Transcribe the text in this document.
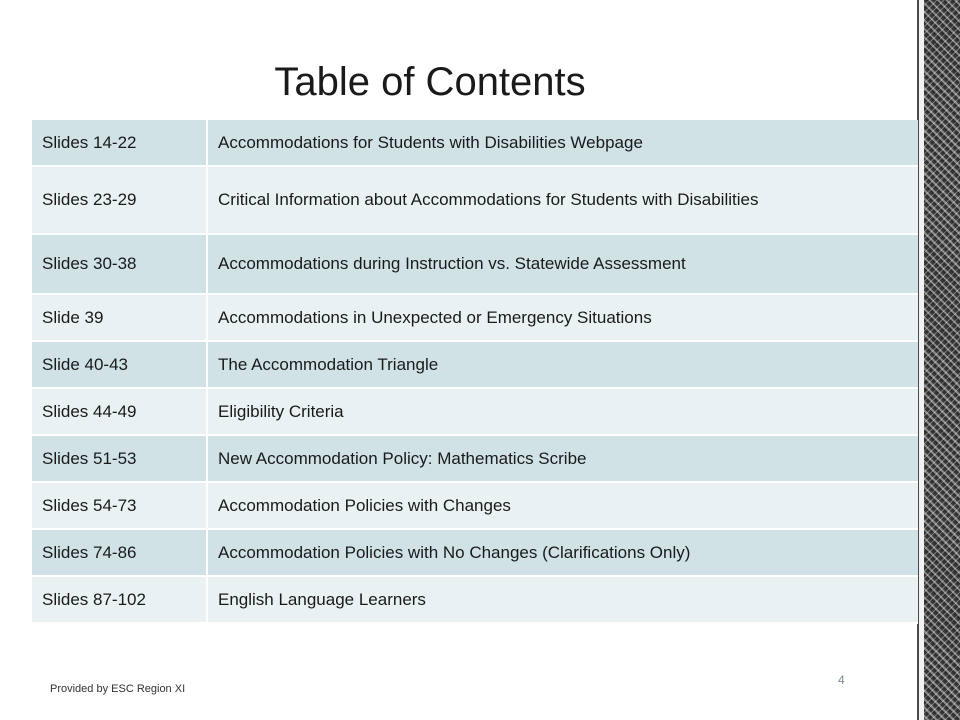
Table of Contents
Slides 14-22	Accommodations for Students with Disabilities Webpage
Slides 23-29	Critical Information about Accommodations for Students with Disabilities
Slides 30-38	Accommodations during Instruction vs. Statewide Assessment
Slide 39	Accommodations in Unexpected or Emergency Situations
Slide 40-43	The Accommodation Triangle
Slides 44-49	Eligibility Criteria
Slides 51-53	New Accommodation Policy: Mathematics Scribe
Slides 54-73	Accommodation Policies with Changes
Slides 74-86	Accommodation Policies with No Changes (Clarifications Only)
Slides 87-102	English Language Learners
Provided by ESC Region XI
4
